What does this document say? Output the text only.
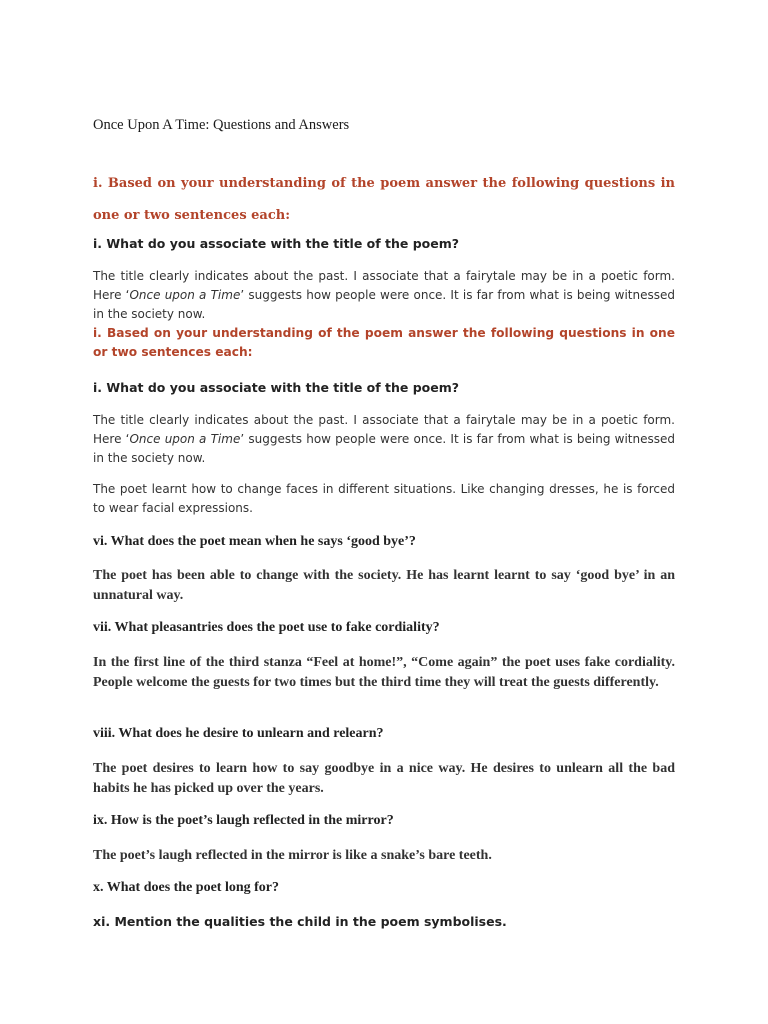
Once Upon A Time: Questions and Answers

i. Based on your understanding of the poem answer the following questions in one or two sentences each:

i. What do you associate with the title of the poem?

The title clearly indicates about the past. I associate that a fairytale may be in a poetic form. Here ‘Once upon a Time’ suggests how people were once. It is far from what is being witnessed in the society now.

i. Based on your understanding of the poem answer the following questions in one or two sentences each:

i. What do you associate with the title of the poem?

The title clearly indicates about the past. I associate that a fairytale may be in a poetic form. Here ‘Once upon a Time’ suggests how people were once. It is far from what is being witnessed in the society now.

The poet learnt how to change faces in different situations. Like changing dresses, he is forced to wear facial expressions.

vi. What does the poet mean when he says ‘good bye’?

The poet has been able to change with the society. He has learnt learnt to say ‘good bye’ in an unnatural way.

vii. What pleasantries does the poet use to fake cordiality?

In the first line of the third stanza “Feel at home!”, “Come again” the poet uses fake cordiality. People welcome the guests for two times but the third time they will treat the guests differently.

viii. What does he desire to unlearn and relearn?

The poet desires to learn how to say goodbye in a nice way. He desires to unlearn all the bad habits he has picked up over the years.

ix. How is the poet’s laugh reflected in the mirror?

The poet’s laugh reflected in the mirror is like a snake’s bare teeth.

x. What does the poet long for?

xi. Mention the qualities the child in the poem symbolises.
